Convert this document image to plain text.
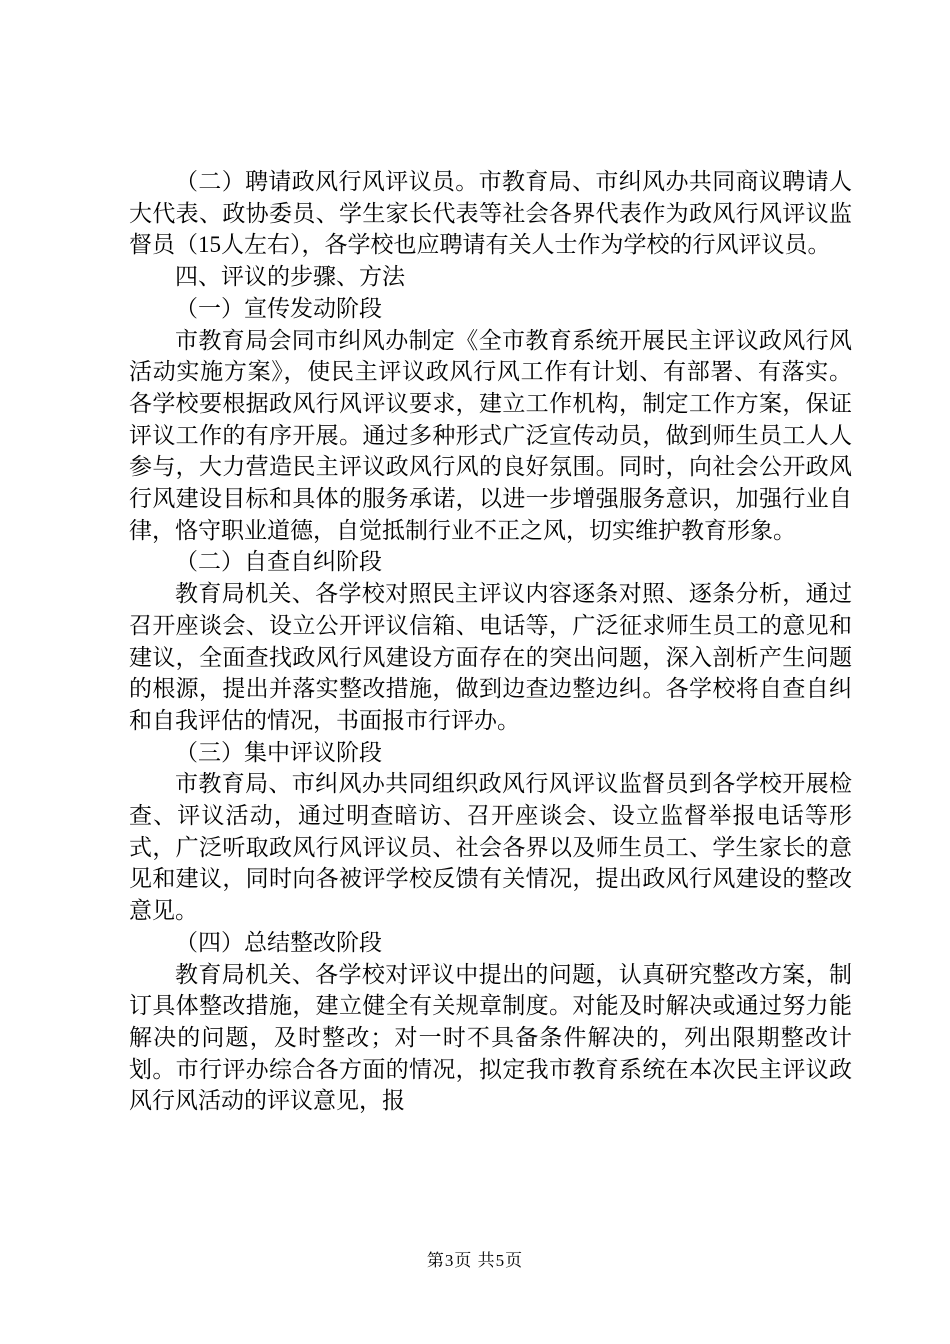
（二）聘请政风行风评议员。市教育局、市纠风办共同商议聘请人大代表、政协委员、学生家长代表等社会各界代表作为政风行风评议监督员（15人左右），各学校也应聘请有关人士作为学校的行风评议员。

四、评议的步骤、方法

（一）宣传发动阶段

市教育局会同市纠风办制定《全市教育系统开展民主评议政风行风活动实施方案》，使民主评议政风行风工作有计划、有部署、有落实。各学校要根据政风行风评议要求，建立工作机构，制定工作方案，保证评议工作的有序开展。通过多种形式广泛宣传动员，做到师生员工人人参与，大力营造民主评议政风行风的良好氛围。同时，向社会公开政风行风建设目标和具体的服务承诺，以进一步增强服务意识，加强行业自律，恪守职业道德，自觉抵制行业不正之风，切实维护教育形象。

（二）自查自纠阶段

教育局机关、各学校对照民主评议内容逐条对照、逐条分析，通过召开座谈会、设立公开评议信箱、电话等，广泛征求师生员工的意见和建议，全面查找政风行风建设方面存在的突出问题，深入剖析产生问题的根源，提出并落实整改措施，做到边查边整边纠。各学校将自查自纠和自我评估的情况，书面报市行评办。

（三）集中评议阶段

市教育局、市纠风办共同组织政风行风评议监督员到各学校开展检查、评议活动，通过明查暗访、召开座谈会、设立监督举报电话等形式，广泛听取政风行风评议员、社会各界以及师生员工、学生家长的意见和建议，同时向各被评学校反馈有关情况，提出政风行风建设的整改意见。

（四）总结整改阶段

教育局机关、各学校对评议中提出的问题，认真研究整改方案，制订具体整改措施，建立健全有关规章制度。对能及时解决或通过努力能解决的问题，及时整改；对一时不具备条件解决的，列出限期整改计划。市行评办综合各方面的情况，拟定我市教育系统在本次民主评议政风行风活动的评议意见，报

第3页 共5页
